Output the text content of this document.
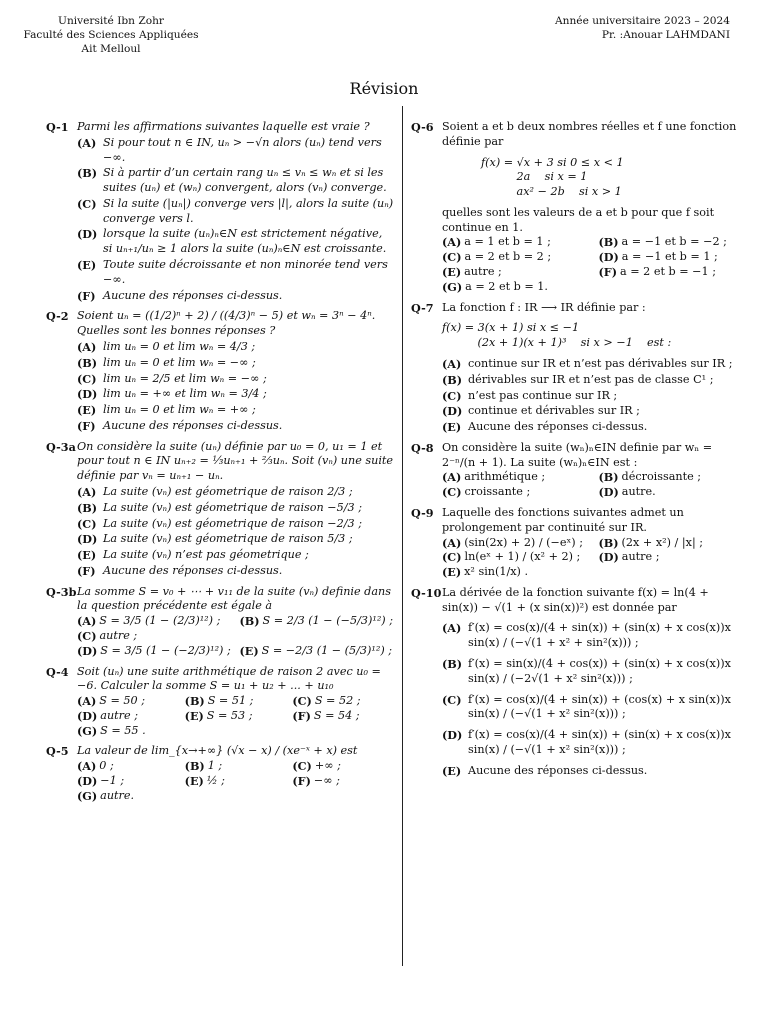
Université Ibn Zohr
Faculté des Sciences Appliquées
Ait Melloul
Année universitaire 2023 – 2024
Pr. :Anouar LAHMDANI
Révision
Q-1 Parmi les affirmations suivantes laquelle est vraie ?
(A) Si pour tout n ∈ IN, uₙ > −√n alors (uₙ) tend vers −∞.
(B) Si à partir d’un certain rang uₙ ≤ vₙ ≤ wₙ et si les suites (uₙ) et (wₙ) convergent, alors (vₙ) converge.
(C) Si la suite (|uₙ|) converge vers |l|, alors la suite (uₙ) converge vers l.
(D) lorsque la suite (uₙ)ₙ∈N est strictement négative, si uₙ₊₁/uₙ ≥ 1 alors la suite (uₙ)ₙ∈N est croissante.
(E) Toute suite décroissante et non minorée tend vers −∞.
(F) Aucune des réponses ci-dessus.
Q-2 Soient uₙ = ((1/2)ⁿ + 2) / ((4/3)ⁿ − 5) et wₙ = 3ⁿ − 4ⁿ. Quelles sont les bonnes réponses ?
(A) lim uₙ = 0 et lim wₙ = 4/3 ;
(B) lim uₙ = 0 et lim wₙ = −∞ ;
(C) lim uₙ = 2/5 et lim wₙ = −∞ ;
(D) lim uₙ = +∞ et lim wₙ = 3/4 ;
(E) lim uₙ = 0 et lim wₙ = +∞ ;
(F) Aucune des réponses ci-dessus.
Q-3a On considère la suite (uₙ) définie par u₀ = 0, u₁ = 1 et pour tout n ∈ IN uₙ₊₂ = ⅓uₙ₊₁ + ⅔uₙ. Soit (vₙ) une suite définie par vₙ = uₙ₊₁ − uₙ.
(A) La suite (vₙ) est géometrique de raison 2/3 ;
(B) La suite (vₙ) est géometrique de raison −5/3 ;
(C) La suite (vₙ) est géometrique de raison −2/3 ;
(D) La suite (vₙ) est géometrique de raison 5/3 ;
(E) La suite (vₙ) n’est pas géometrique ;
(F) Aucune des réponses ci-dessus.
Q-3b La somme S = v₀ + ⋯ + v₁₁ de la suite (vₙ) definie dans la question précédente est égale à
(A) S = 3/5 (1 − (2/3)¹²) ;	(B) S = 2/3 (1 − (−5/3)¹²) ;
(C) autre ;
(D) S = 3/5 (1 − (−2/3)¹²) ; (E) S = −2/3 (1 − (5/3)¹²) ;
Q-4 Soit (uₙ) une suite arithmétique de raison 2 avec u₀ = −6. Calculer la somme S = u₁ + u₂ + ... + u₁₀
(A) S = 50 ;	(B) S = 51 ;	(C) S = 52 ;
(D) autre ;	(E) S = 53 ;	(F) S = 54 ;
(G) S = 55 .
Q-5 La valeur de lim_{x→+∞} (√x − x) / (xe⁻ˣ + x) est
(A) 0 ;	(B) 1 ;	(C) +∞ ;
(D) −1 ;	(E) ½ ;	(F) −∞ ;
(G) autre.
Q-6 Soient a et b deux nombres réelles et f une fonction définie par
f(x) = √x + 3 si 0 ≤ x < 1
2a    si x = 1
ax² − 2b    si x > 1
quelles sont les valeurs de a et b pour que f soit continue en 1.
(A) a = 1 et b = 1 ;	(B) a = −1 et b = −2 ;
(C) a = 2 et b = 2 ;	(D) a = −1 et b = 1 ;
(E) autre ;	(F) a = 2 et b = −1 ;
(G) a = 2 et b = 1.
Q-7 La fonction f : IR ⟶ IR définie par :
f(x) = 3(x + 1) si x ≤ −1
(2x + 1)(x + 1)³    si x > −1    est :
(A) continue sur IR et n’est pas dérivables sur IR ;
(B) dérivables sur IR et n’est pas de classe C¹ ;
(C) n’est pas continue sur IR ;
(D) continue et dérivables sur IR ;
(E) Aucune des réponses ci-dessus.
Q-8 On considère la suite (wₙ)ₙ∈IN definie par wₙ = 2⁻ⁿ/(n + 1). La suite (wₙ)ₙ∈IN est :
(A) arithmétique ;	(B) décroissante ;
(C) croissante ;	(D) autre.
Q-9 Laquelle des fonctions suivantes admet un prolongement par continuité sur IR.
(A) (sin(2x) + 2) / (−eˣ) ;	(B) (2x + x²) / |x| ;
(C) ln(eˣ + 1) / (x² + 2) ;	(D) autre ;
(E) x² sin(1/x) .
Q-10 La dérivée de la fonction suivante f(x) = ln(4 + sin(x)) − √(1 + (x sin(x))²) est donnée par
(A) f′(x) = cos(x)/(4 + sin(x)) + (sin(x) + x cos(x))x sin(x) / (−√(1 + x² + sin²(x))) ;
(B) f′(x) = sin(x)/(4 + cos(x)) + (sin(x) + x cos(x))x sin(x) / (−2√(1 + x² sin²(x))) ;
(C) f′(x) = cos(x)/(4 + sin(x)) + (cos(x) + x sin(x))x sin(x) / (−√(1 + x² sin²(x))) ;
(D) f′(x) = cos(x)/(4 + sin(x)) + (sin(x) + x cos(x))x sin(x) / (−√(1 + x² sin²(x))) ;
(E) Aucune des réponses ci-dessus.
